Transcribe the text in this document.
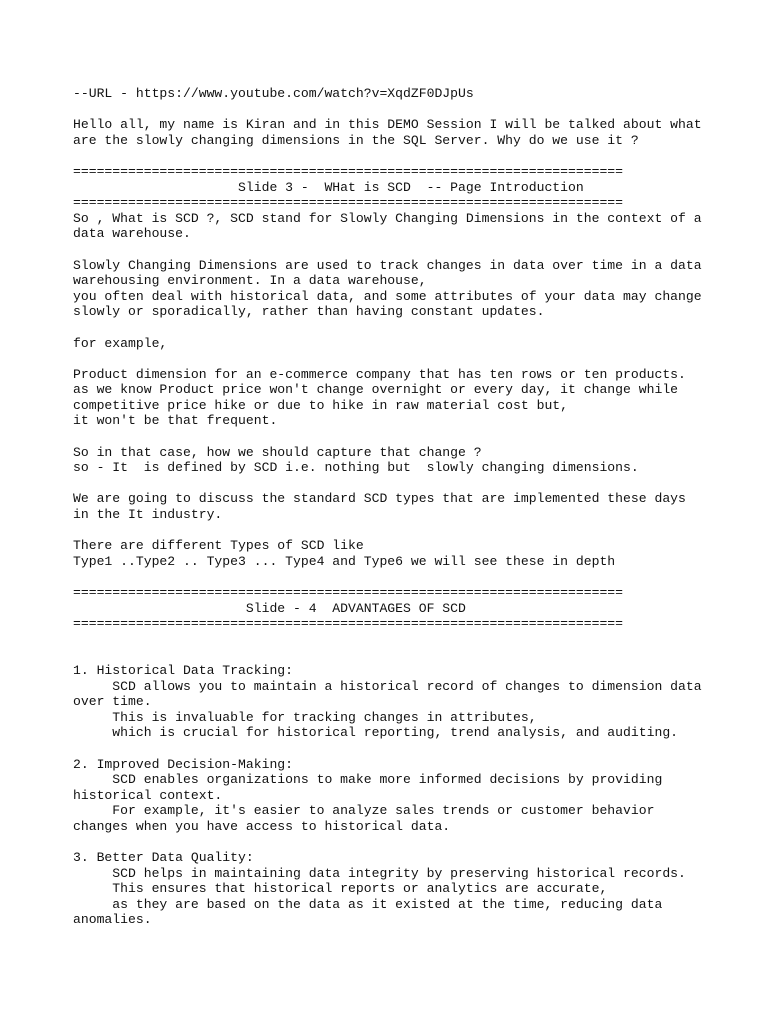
--URL - https://www.youtube.com/watch?v=XqdZF0DJpUs
Hello all, my name is Kiran and in this DEMO Session I will be talked about what
are the slowly changing dimensions in the SQL Server. Why do we use it ?
======================================================================
Slide 3 -  WHat is SCD  -- Page Introduction
======================================================================
So , What is SCD ?, SCD stand for Slowly Changing Dimensions in the context of a
data warehouse.
Slowly Changing Dimensions are used to track changes in data over time in a data
warehousing environment. In a data warehouse,
you often deal with historical data, and some attributes of your data may change
slowly or sporadically, rather than having constant updates.
for example,
Product dimension for an e-commerce company that has ten rows or ten products.
as we know Product price won't change overnight or every day, it change while
competitive price hike or due to hike in raw material cost but,
it won't be that frequent.
So in that case, how we should capture that change ?
so - It  is defined by SCD i.e. nothing but  slowly changing dimensions.
We are going to discuss the standard SCD types that are implemented these days
in the It industry.
There are different Types of SCD like
Type1 ..Type2 .. Type3 ... Type4 and Type6 we will see these in depth
======================================================================
Slide - 4  ADVANTAGES OF SCD
======================================================================
1. Historical Data Tracking:
SCD allows you to maintain a historical record of changes to dimension data
over time.
This is invaluable for tracking changes in attributes,
which is crucial for historical reporting, trend analysis, and auditing.
2. Improved Decision-Making:
SCD enables organizations to make more informed decisions by providing
historical context.
For example, it's easier to analyze sales trends or customer behavior
changes when you have access to historical data.
3. Better Data Quality:
SCD helps in maintaining data integrity by preserving historical records.
This ensures that historical reports or analytics are accurate,
as they are based on the data as it existed at the time, reducing data
anomalies.
